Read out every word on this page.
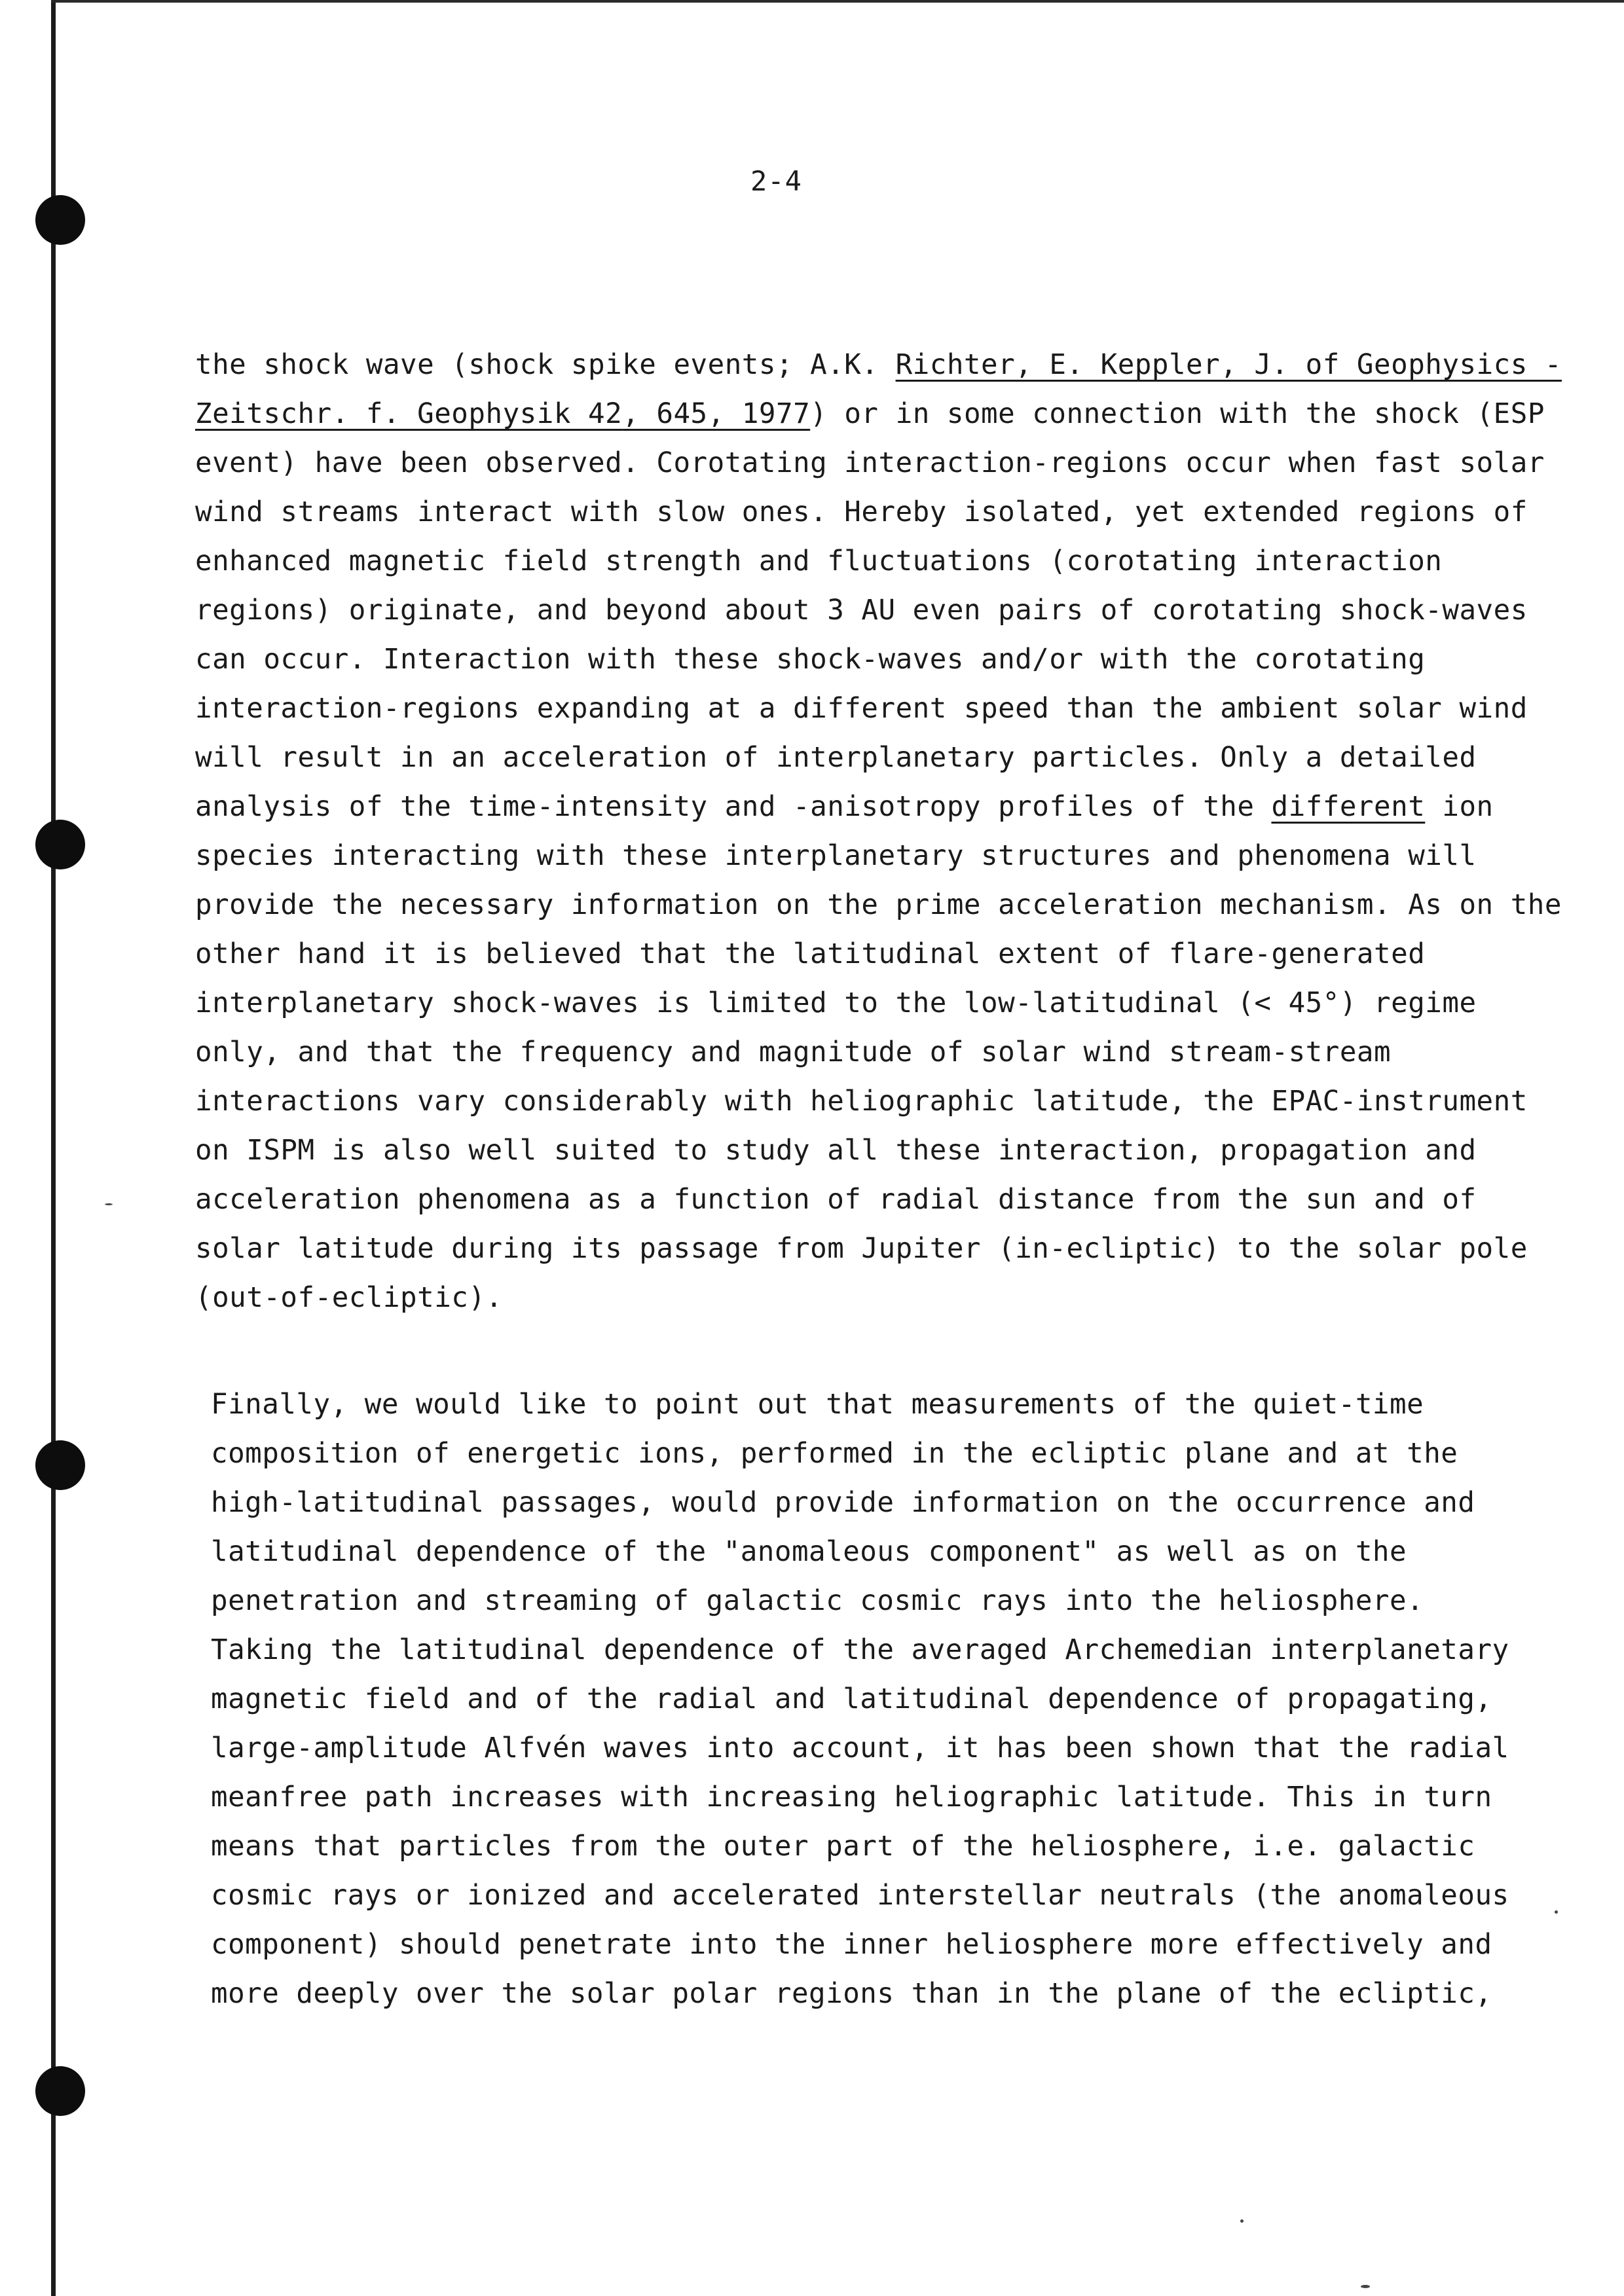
2-4
the shock wave (shock spike events; A.K. Richter, E. Keppler, J. of Geophysics -
Zeitschr. f. Geophysik 42, 645, 1977) or in some connection with the shock (ESP
event) have been observed. Corotating interaction-regions occur when fast solar
wind streams interact with slow ones. Hereby isolated, yet extended regions of
enhanced magnetic field strength and fluctuations (corotating interaction
regions) originate, and beyond about 3 AU even pairs of corotating shock-waves
can occur. Interaction with these shock-waves and/or with the corotating
interaction-regions expanding at a different speed than the ambient solar wind
will result in an acceleration of interplanetary particles. Only a detailed
analysis of the time-intensity and -anisotropy profiles of the different ion
species interacting with these interplanetary structures and phenomena will
provide the necessary information on the prime acceleration mechanism. As on the
other hand it is believed that the latitudinal extent of flare-generated
interplanetary shock-waves is limited to the low-latitudinal (< 45°) regime
only, and that the frequency and magnitude of solar wind stream-stream
interactions vary considerably with heliographic latitude, the EPAC-instrument
on ISPM is also well suited to study all these interaction, propagation and
acceleration phenomena as a function of radial distance from the sun and of
solar latitude during its passage from Jupiter (in-ecliptic) to the solar pole
(out-of-ecliptic).
Finally, we would like to point out that measurements of the quiet-time
composition of energetic ions, performed in the ecliptic plane and at the
high-latitudinal passages, would provide information on the occurrence and
latitudinal dependence of the "anomaleous component" as well as on the
penetration and streaming of galactic cosmic rays into the heliosphere.
Taking the latitudinal dependence of the averaged Archemedian interplanetary
magnetic field and of the radial and latitudinal dependence of propagating,
large-amplitude Alfvén waves into account, it has been shown that the radial
meanfree path increases with increasing heliographic latitude. This in turn
means that particles from the outer part of the heliosphere, i.e. galactic
cosmic rays or ionized and accelerated interstellar neutrals (the anomaleous
component) should penetrate into the inner heliosphere more effectively and
more deeply over the solar polar regions than in the plane of the ecliptic,
